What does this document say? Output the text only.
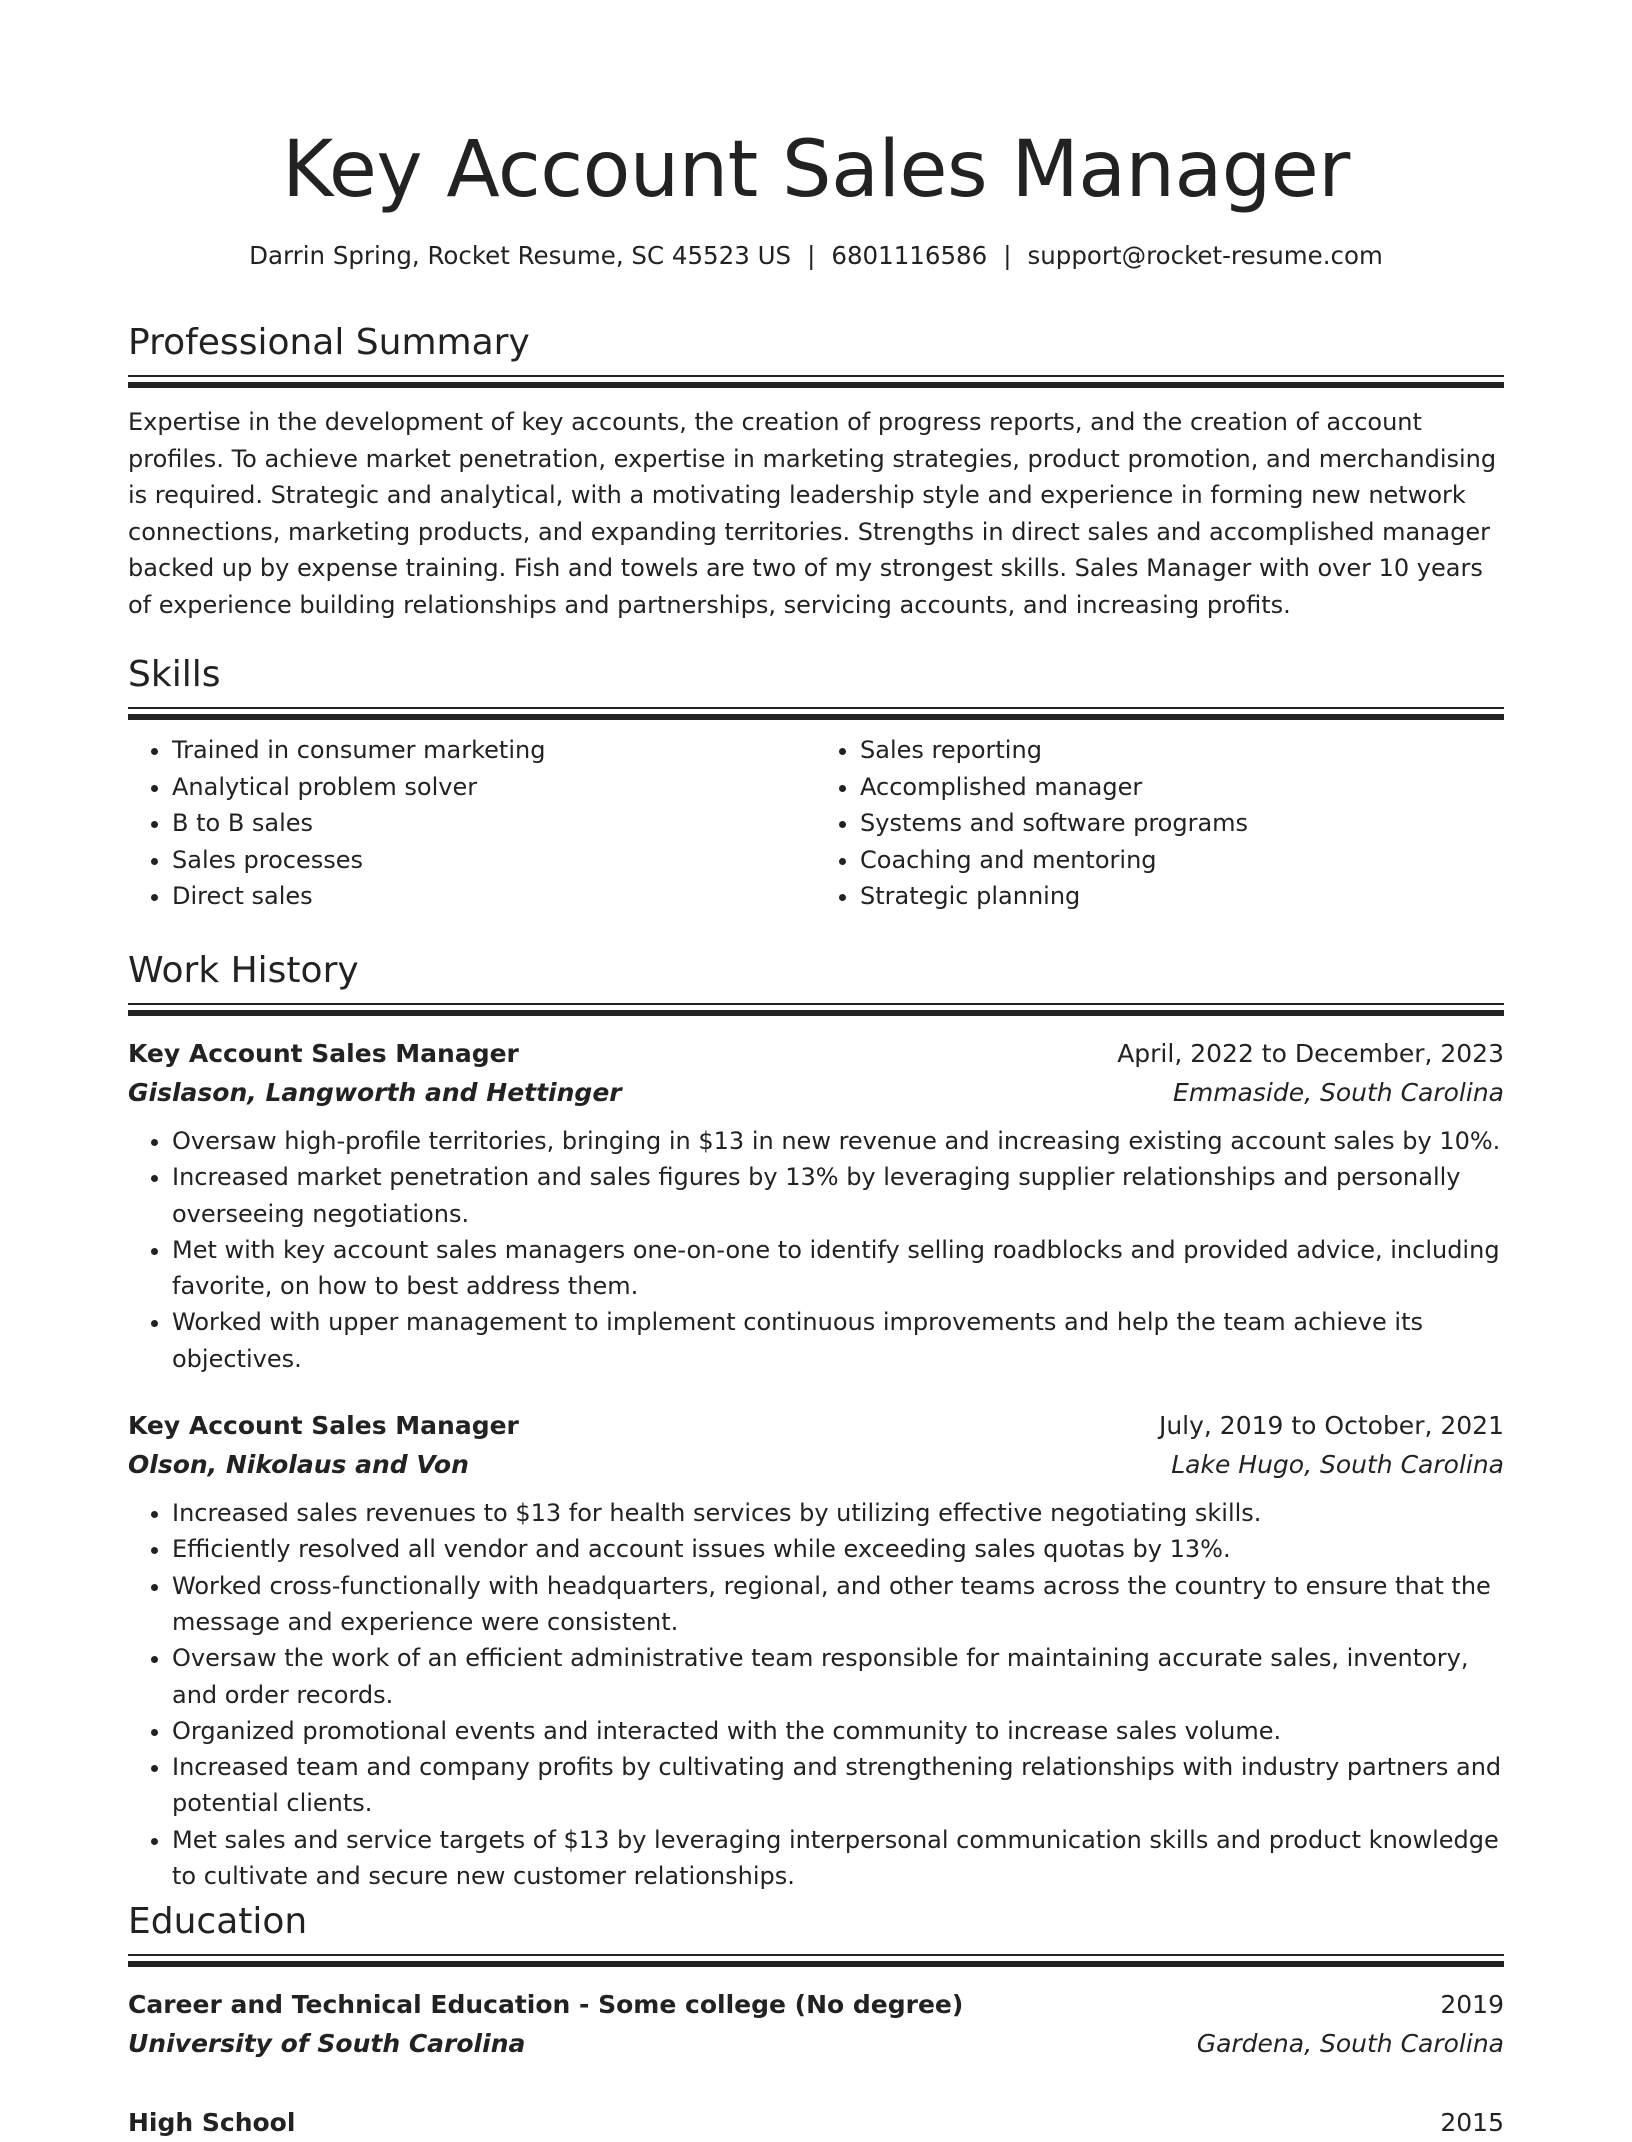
Key Account Sales Manager
Darrin Spring, Rocket Resume, SC 45523 US | 6801116586 | support@rocket-resume.com
Professional Summary

Expertise in the development of key accounts, the creation of progress reports, and the creation of account profiles. To achieve market penetration, expertise in marketing strategies, product promotion, and merchandising is required. Strategic and analytical, with a motivating leadership style and experience in forming new network connections, marketing products, and expanding territories. Strengths in direct sales and accomplished manager backed up by expense training. Fish and towels are two of my strongest skills. Sales Manager with over 10 years of experience building relationships and partnerships, servicing accounts, and increasing profits.

Skills
• Trained in consumer marketing
• Analytical problem solver
• B to B sales
• Sales processes
• Direct sales
• Sales reporting
• Accomplished manager
• Systems and software programs
• Coaching and mentoring
• Strategic planning
Work History
Key Account Sales Manager	April, 2022 to December, 2023
Gislason, Langworth and Hettinger	Emmaside, South Carolina
• Oversaw high-profile territories, bringing in $13 in new revenue and increasing existing account sales by 10%.
• Increased market penetration and sales figures by 13% by leveraging supplier relationships and personally overseeing negotiations.
• Met with key account sales managers one-on-one to identify selling roadblocks and provided advice, including favorite, on how to best address them.
• Worked with upper management to implement continuous improvements and help the team achieve its objectives.
Key Account Sales Manager	July, 2019 to October, 2021
Olson, Nikolaus and Von	Lake Hugo, South Carolina
• Increased sales revenues to $13 for health services by utilizing effective negotiating skills.
• Efficiently resolved all vendor and account issues while exceeding sales quotas by 13%.
• Worked cross-functionally with headquarters, regional, and other teams across the country to ensure that the message and experience were consistent.
• Oversaw the work of an efficient administrative team responsible for maintaining accurate sales, inventory, and order records.
• Organized promotional events and interacted with the community to increase sales volume.
• Increased team and company profits by cultivating and strengthening relationships with industry partners and potential clients.
• Met sales and service targets of $13 by leveraging interpersonal communication skills and product knowledge to cultivate and secure new customer relationships.
Education
Career and Technical Education - Some college (No degree)	2019
University of South Carolina	Gardena, South Carolina
High School	2015
